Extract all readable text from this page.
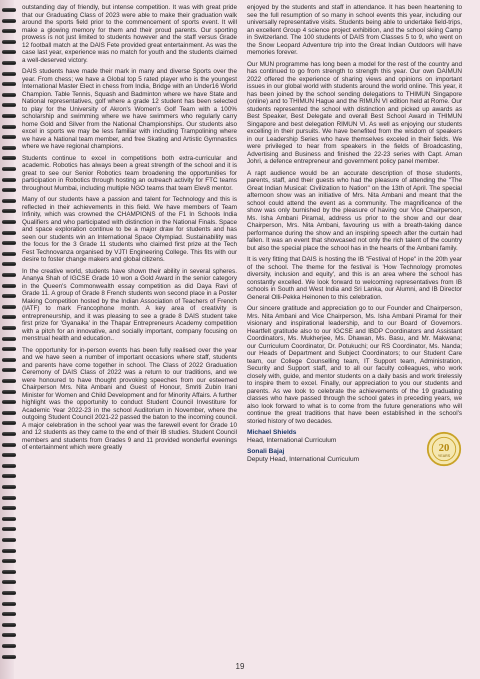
outstanding day of friendly, but intense competition. It was with great pride that our Graduating Class of 2023 were able to make their graduation walk around the sports field prior to the commencement of sports event. It will make a glowing memory for them and their proud parents. Our sporting prowess is not just limited to students however and the staff versus Grade 12 football match at the DAIS Fete provided great entertainment. As was the case last year, experience was no match for youth and the students claimed a well-deserved victory.

DAIS students have made their mark in many and diverse Sports over the year. From chess; we have a Global top 5 rated player who is the youngest International Master Elect in chess from India, Bridge with an Under16 World Champion. Table Tennis, Squash and Badminton where we have State and National representatives, golf where a grade 12 student has been selected to play for the University of Akron's Women's Golf Team with a 100% scholarship and swimming where we have swimmers who regularly carry home Gold and Silver from the National Championships. Our students also excel in sports we may be less familiar with including Trampolining where we have a National team member, and free Skating and Artistic Gymnastics where we have regional champions.

Students continue to excel in competitions both extra-curricular and academic. Robotics has always been a great strength of the school and it is great to see our Senior Robotics team broadening the opportunities for participation in Robotics through hosting an outreach activity for FTC teams throughout Mumbai, including multiple NGO teams that team Elev8 mentor.

Many of our students have a passion and talent for Technology and this is reflected in their achievements in this field. We have members of Team Infinity, which was crowned the CHAMPIONS of the F1 In Schools India Qualifiers and who participated with distinction in the National Finals. Space and space exploration continue to be a major draw for students and has seen our students win an International Space Olympiad. Sustainability was the focus for the 3 Grade 11 students who claimed first prize at the Tech Fest Technovanza organised by VJTI Engineering College. This fits with our desire to foster change makers and global citizens.

In the creative world, students have shown their ability in several spheres. Ananya Shah of IGCSE Grade 10 won a Gold Award in the senior category in the Queen's Commonwealth essay competition as did Daya Ravi of Grade 11. A group of Grade 8 French students won second place in a Poster Making Competition hosted by the Indian Association of Teachers of French (IATF) to mark Francophone month. A key area of creativity is entrepreneurship, and it was pleasing to see a grade 8 DAIS student take first prize for 'Gyanaika' in the Thapar Entrepreneurs Academy competition with a pitch for an innovative, and socially important, company focusing on menstrual health and education..

The opportunity for in-person events has been fully realised over the year and we have seen a number of important occasions where staff, students and parents have come together in school. The Class of 2022 Graduation Ceremony of DAIS Class of 2022 was a return to our traditions, and we were honoured to have thought provoking speeches from our esteemed Chairperson Mrs. Nita Ambani and Guest of Honour, Smriti Zubin Irani Minister for Women and Child Development and for Minority Affairs. A further highlight was the opportunity to conduct Student Council Investiture for Academic Year 2022-23 in the school Auditorium in November, where the outgoing Student Council 2021-22 passed the baton to the incoming council. A major celebration in the school year was the farewell event for Grade 10 and 12 students as they came to the end of their IB studies. Student Council members and students from Grades 9 and 11 provided wonderful evenings of entertainment which were greatly

enjoyed by the students and staff in attendance. It has been heartening to see the full resumption of so many in school events this year, including our universally representative visits. Students being able to undertake field-trips, an excellent Group 4 science project exhibition, and the school skiing Camp in Switzerland. The 100 students of DAIS from Classes 5 to 9, who went on the Snow Leopard Adventure trip into the Great Indian Outdoors will have memories forever.

Our MUN programme has long been a model for the rest of the country and has continued to go from strength to strength this year. Our own DAIMUN 2022 offered the experience of sharing views and opinions on important issues in our global world with students around the world online. This year, it has been joined by the school sending delegations to THIMUN Singapore (online) and to THIMUN Hague and the RIMUN VI edition held at Rome. Our students represented the school with distinction and picked up awards as Best Speaker, Best Delegate and overall Best School Award in THIMUN Singapore and best delegation RIMUN VI. As well as enjoying our students excelling in their pursuits. We have benefited from the wisdom of speakers in our Leadership Series who have themselves exceled in their fields. We were privileged to hear from speakers in the fields of Broadcasting, Advertising and Business and finished the 22-23 series with Capt. Aman Johri, a defence entrepreneur and government policy panel member.

A rapt audience would be an accurate description of those students, parents, staff, and their guests who had the pleasure of attending the "The Great Indian Musical: Civilization to Nation" on the 13th of April. The special afternoon show was an initiative of Mrs. Nita Ambani and meant that the school could attend the event as a community. The magnificence of the show was only burnished by the pleasure of having our Vice Chairperson, Ms. Isha Ambani Piramal, address us prior to the show and our dear Chairperson, Mrs. Nita Ambani, favouring us with a breath-taking dance performance during the show and an inspiring speech after the curtain had fallen. It was an event that showcased not only the rich talent of the country but also the special place the school has in the hearts of the Ambani family.

It is very fitting that DAIS is hosting the IB "Festival of Hope" in the 20th year of the school. The theme for the festival is 'How Technology promotes diversity, inclusion and equity', and this is an area where the school has constantly excelled. We look forward to welcoming representatives from IB schools in South and West India and Sri Lanka, our Alumni, and IB Director General Olli-Pekka Heinonen to this celebration.

Our sincere gratitude and appreciation go to our Founder and Chairperson, Mrs. Nita Ambani and Vice Chairperson, Ms. Isha Ambani Piramal for their visionary and inspirational leadership, and to our Board of Governors. Heartfelt gratitude also to our IGCSE and IBDP Coordinators and Assistant Coordinators, Ms. Mukherjee, Ms. Dhawan, Ms. Basu, and Mr. Makwana; our Curriculum Coordinator, Dr. Potukuchi; our RS Coordinator, Ms. Nanda; our Heads of Department and Subject Coordinators; to our Student Care team, our College Counselling team, IT Support team, Administration, Security and Support staff, and to all our faculty colleagues, who work closely with, guide, and mentor students on a daily basis and work tirelessly to inspire them to excel. Finally, our appreciation to you our students and parents. As we look to celebrate the achievements of the 19 graduating classes who have passed through the school gates in preceding years, we also look forward to what is to come from the future generations who will continue the great traditions that have been established in the school's storied history of two decades.

Michael Shields
Head, International Curriculum
Sonali Bajaj
Deputy Head, International Curriculum
20
YEARS
19
